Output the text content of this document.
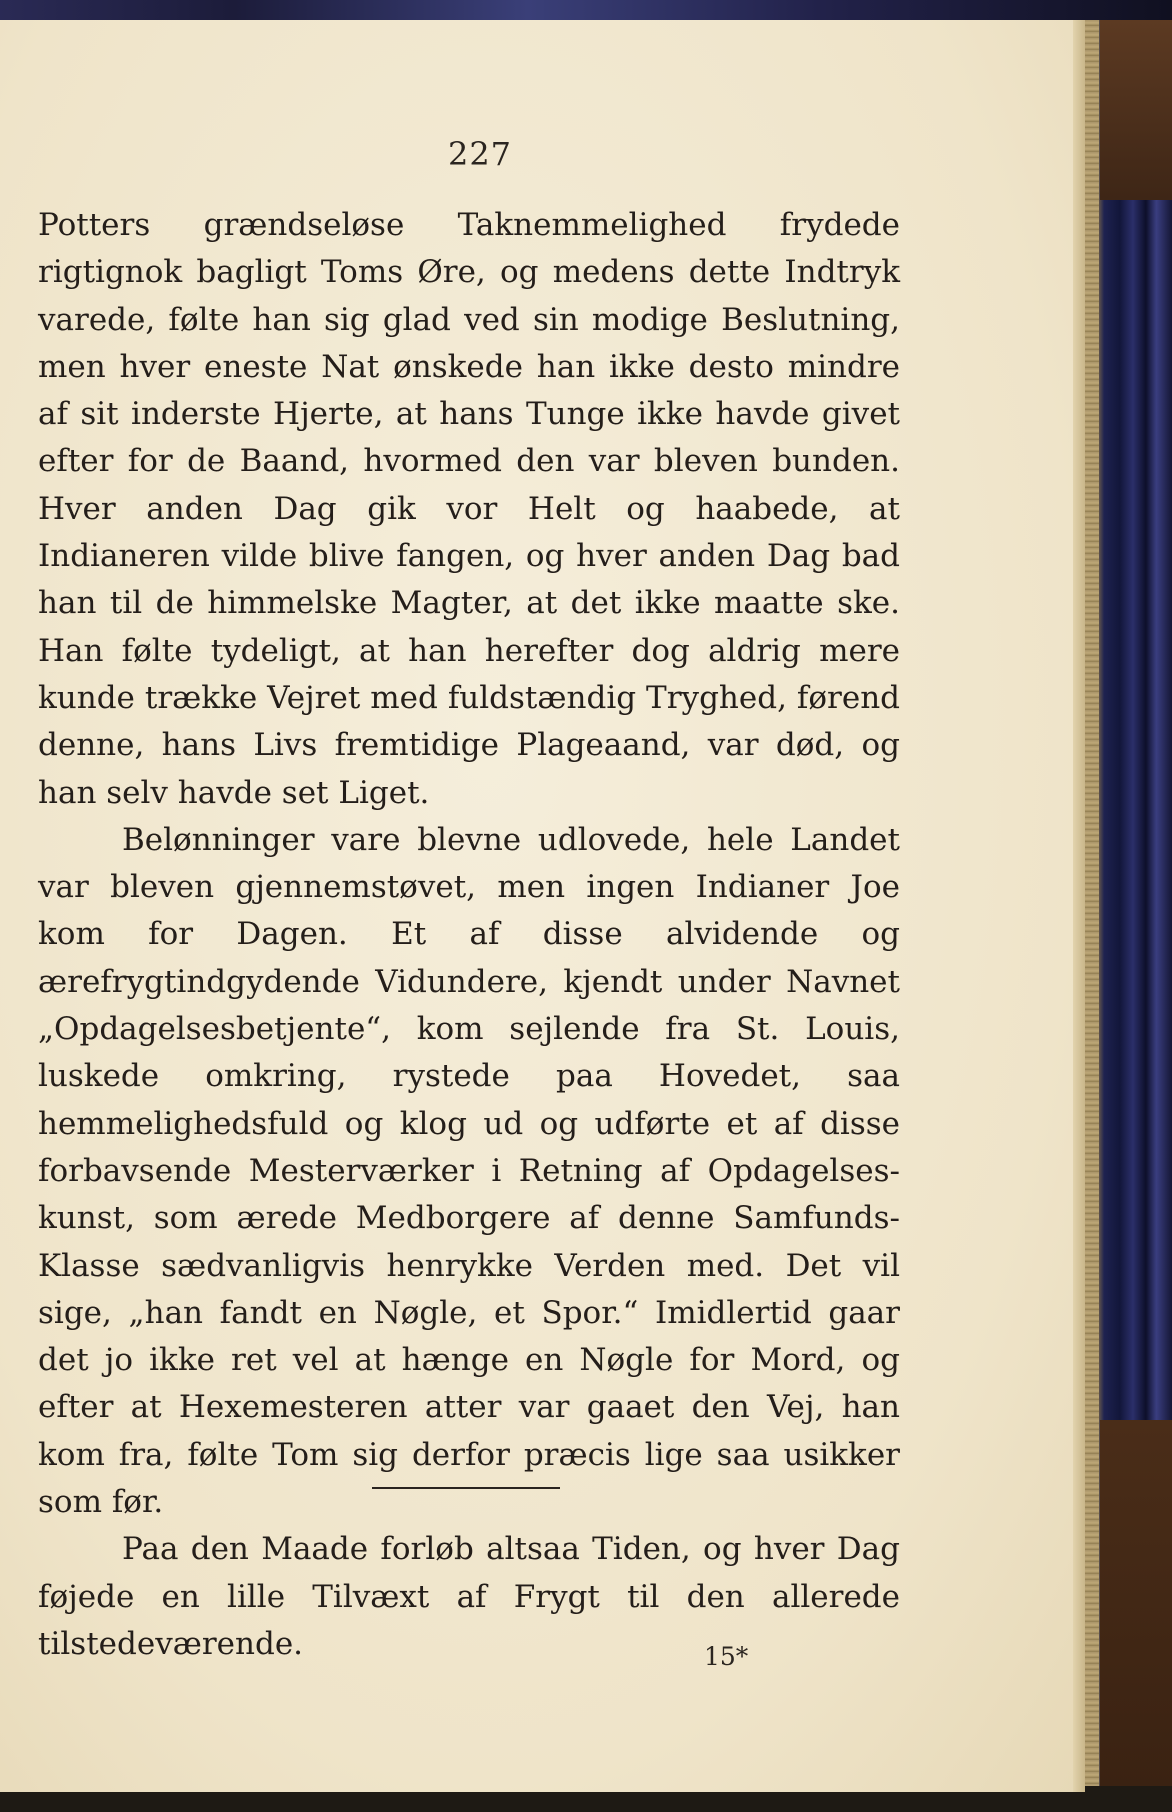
227

Potters grændseløse Taknemmelighed frydede rigtignok bagligt Toms Øre, og medens dette Indtryk varede, følte han sig glad ved sin modige Beslutning, men hver eneste Nat ønskede han ikke desto mindre af sit inderste Hjerte, at hans Tunge ikke havde givet efter for de Baand, hvormed den var bleven bunden. Hver anden Dag gik vor Helt og haabede, at Indianeren vilde blive fangen, og hver anden Dag bad han til de himmelske Magter, at det ikke maatte ske. Han følte tydeligt, at han herefter dog aldrig mere kunde trække Vejret med fuldstændig Tryghed, førend denne, hans Livs fremtidige Plageaand, var død, og han selv havde set Liget.

Belønninger vare blevne udlovede, hele Landet var bleven gjennemstøvet, men ingen Indianer Joe kom for Dagen. Et af disse alvidende og ærefrygtindgydende Vidundere, kjendt under Navnet „Opdagelsesbetjente“, kom sejlende fra St. Louis, luskede omkring, rystede paa Hovedet, saa hemmelighedsfuld og klog ud og udførte et af disse forbavsende Mesterværker i Retning af Opdagelseskunst, som ærede Medborgere af denne Samfunds-Klasse sædvanligvis henrykke Verden med. Det vil sige, „han fandt en Nøgle, et Spor.“ Imidlertid gaar det jo ikke ret vel at hænge en Nøgle for Mord, og efter at Hexemesteren atter var gaaet den Vej, han kom fra, følte Tom sig derfor præcis lige saa usikker som før.

Paa den Maade forløb altsaa Tiden, og hver Dag føjede en lille Tilvæxt af Frygt til den allerede tilstedeværende.	15*
